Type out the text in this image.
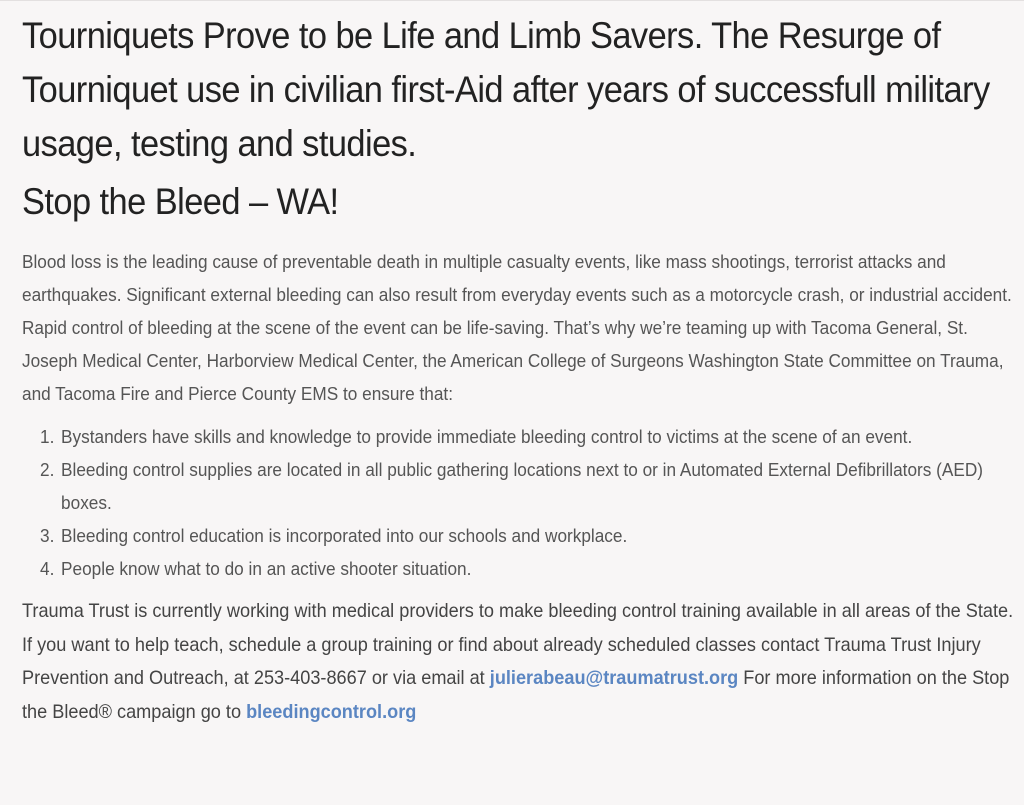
Tourniquets Prove to be Life and Limb Savers. The Resurge of Tourniquet use in civilian first-Aid after years of successfull military usage, testing and studies.
Stop the Bleed – WA!

Blood loss is the leading cause of preventable death in multiple casualty events, like mass shootings, terrorist attacks and earthquakes. Significant external bleeding can also result from everyday events such as a motorcycle crash, or industrial accident. Rapid control of bleeding at the scene of the event can be life-saving. That’s why we’re teaming up with Tacoma General, St. Joseph Medical Center, Harborview Medical Center, the American College of Surgeons Washington State Committee on Trauma, and Tacoma Fire and Pierce County EMS to ensure that:

1. Bystanders have skills and knowledge to provide immediate bleeding control to victims at the scene of an event.
2. Bleeding control supplies are located in all public gathering locations next to or in Automated External Defibrillators (AED) boxes.
3. Bleeding control education is incorporated into our schools and workplace.
4. People know what to do in an active shooter situation.

Trauma Trust is currently working with medical providers to make bleeding control training available in all areas of the State. If you want to help teach, schedule a group training or find about already scheduled classes contact Trauma Trust Injury Prevention and Outreach, at 253-403-8667 or via email at julierabeau@traumatrust.org For more information on the Stop the Bleed® campaign go to bleedingcontrol.org
